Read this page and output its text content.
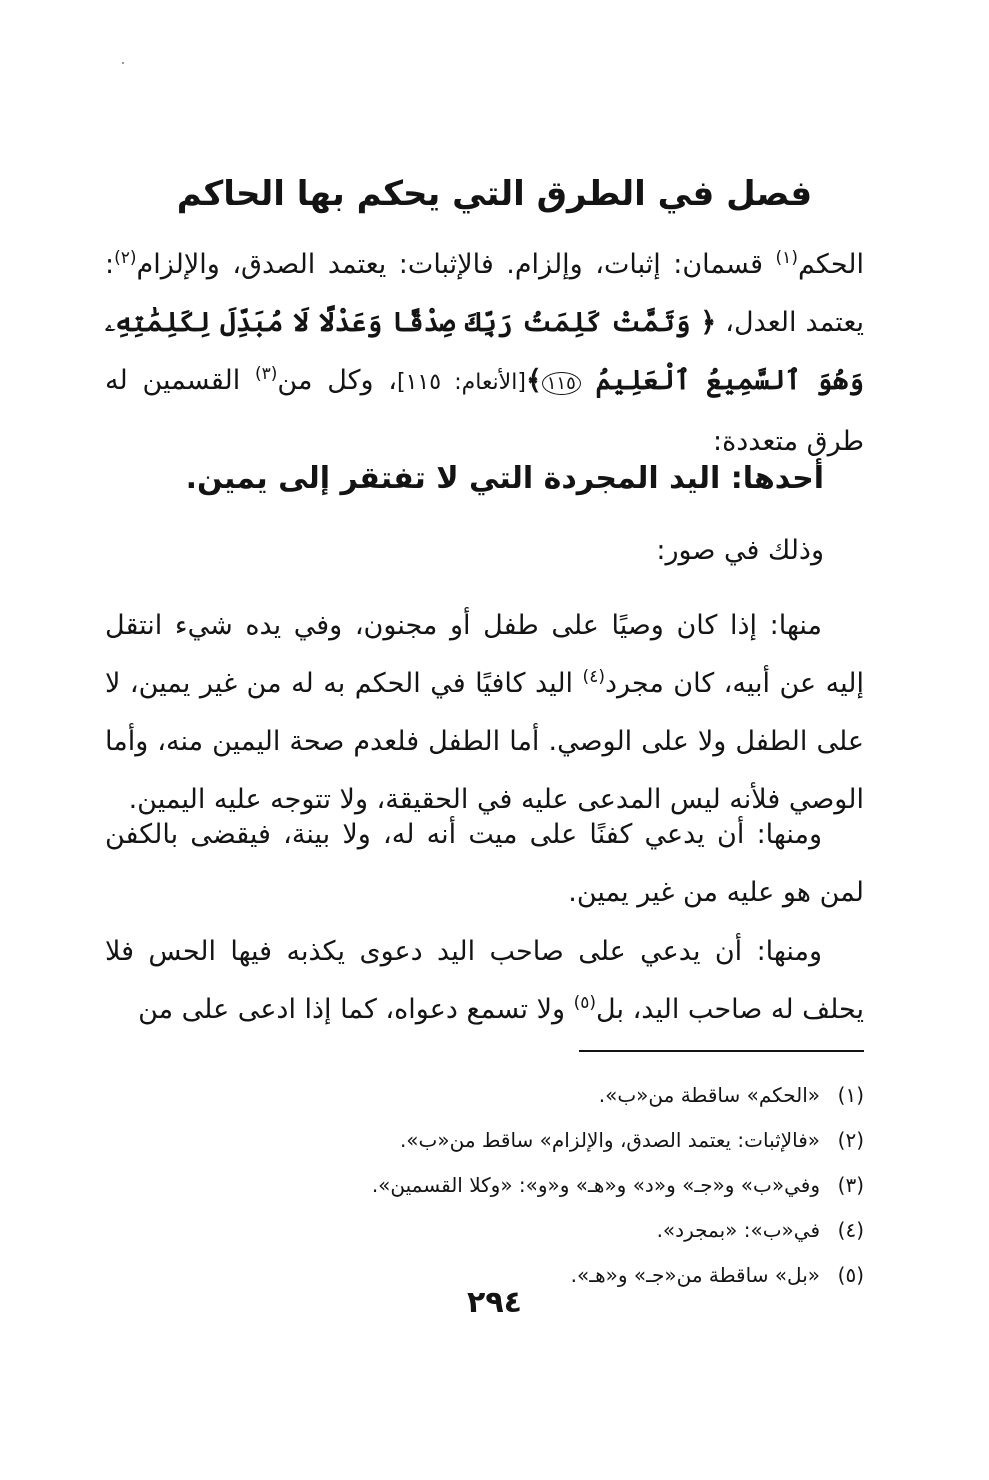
فصل في الطرق التي يحكم بها الحاكم

الحكم$^{(١)}$ قسمان: إثبات، وإلزام. فالإثبات: يعتمد الصدق، والإلزام$^{(٢)}$: يعتمد العدل، ﴿ وَتَمَّتْ كَلِمَتُ رَبِّكَ صِدْقًا وَعَدْلًا لَا مُبَدِّلَ لِكَلِمَٰتِهِۦ وَهُوَ ٱلسَّمِيعُ ٱلْعَلِيمُ ١١٥﴾[الأنعام: ١١٥]، وكل من$^{(٣)}$ القسمين له طرق متعددة:

أحدها: اليد المجردة التي لا تفتقر إلى يمين.

وذلك في صور:

منها: إذا كان وصيًا على طفل أو مجنون، وفي يده شيء انتقل إليه عن أبيه، كان مجرد$^{(٤)}$ اليد كافيًا في الحكم به له من غير يمين، لا على الطفل ولا على الوصي. أما الطفل فلعدم صحة اليمين منه، وأما الوصي فلأنه ليس المدعى عليه في الحقيقة، ولا تتوجه عليه اليمين.

ومنها: أن يدعي كفنًا على ميت أنه له، ولا بينة، فيقضى بالكفن لمن هو عليه من غير يمين.

ومنها: أن يدعي على صاحب اليد دعوى يكذبه فيها الحس فلا يحلف له صاحب اليد، بل$^{(٥)}$ ولا تسمع دعواه، كما إذا ادعى على من

(١)«الحكم» ساقطة من«ب».
(٢)«فالإثبات: يعتمد الصدق، والإلزام» ساقط من«ب».
(٣)وفي«ب» و«جـ» و«د» و«هـ» و«و»: «وكلا القسمين».
(٤)في«ب»: «بمجرد».
(٥)«بل» ساقطة من«جـ» و«هـ».
٢٩٤
